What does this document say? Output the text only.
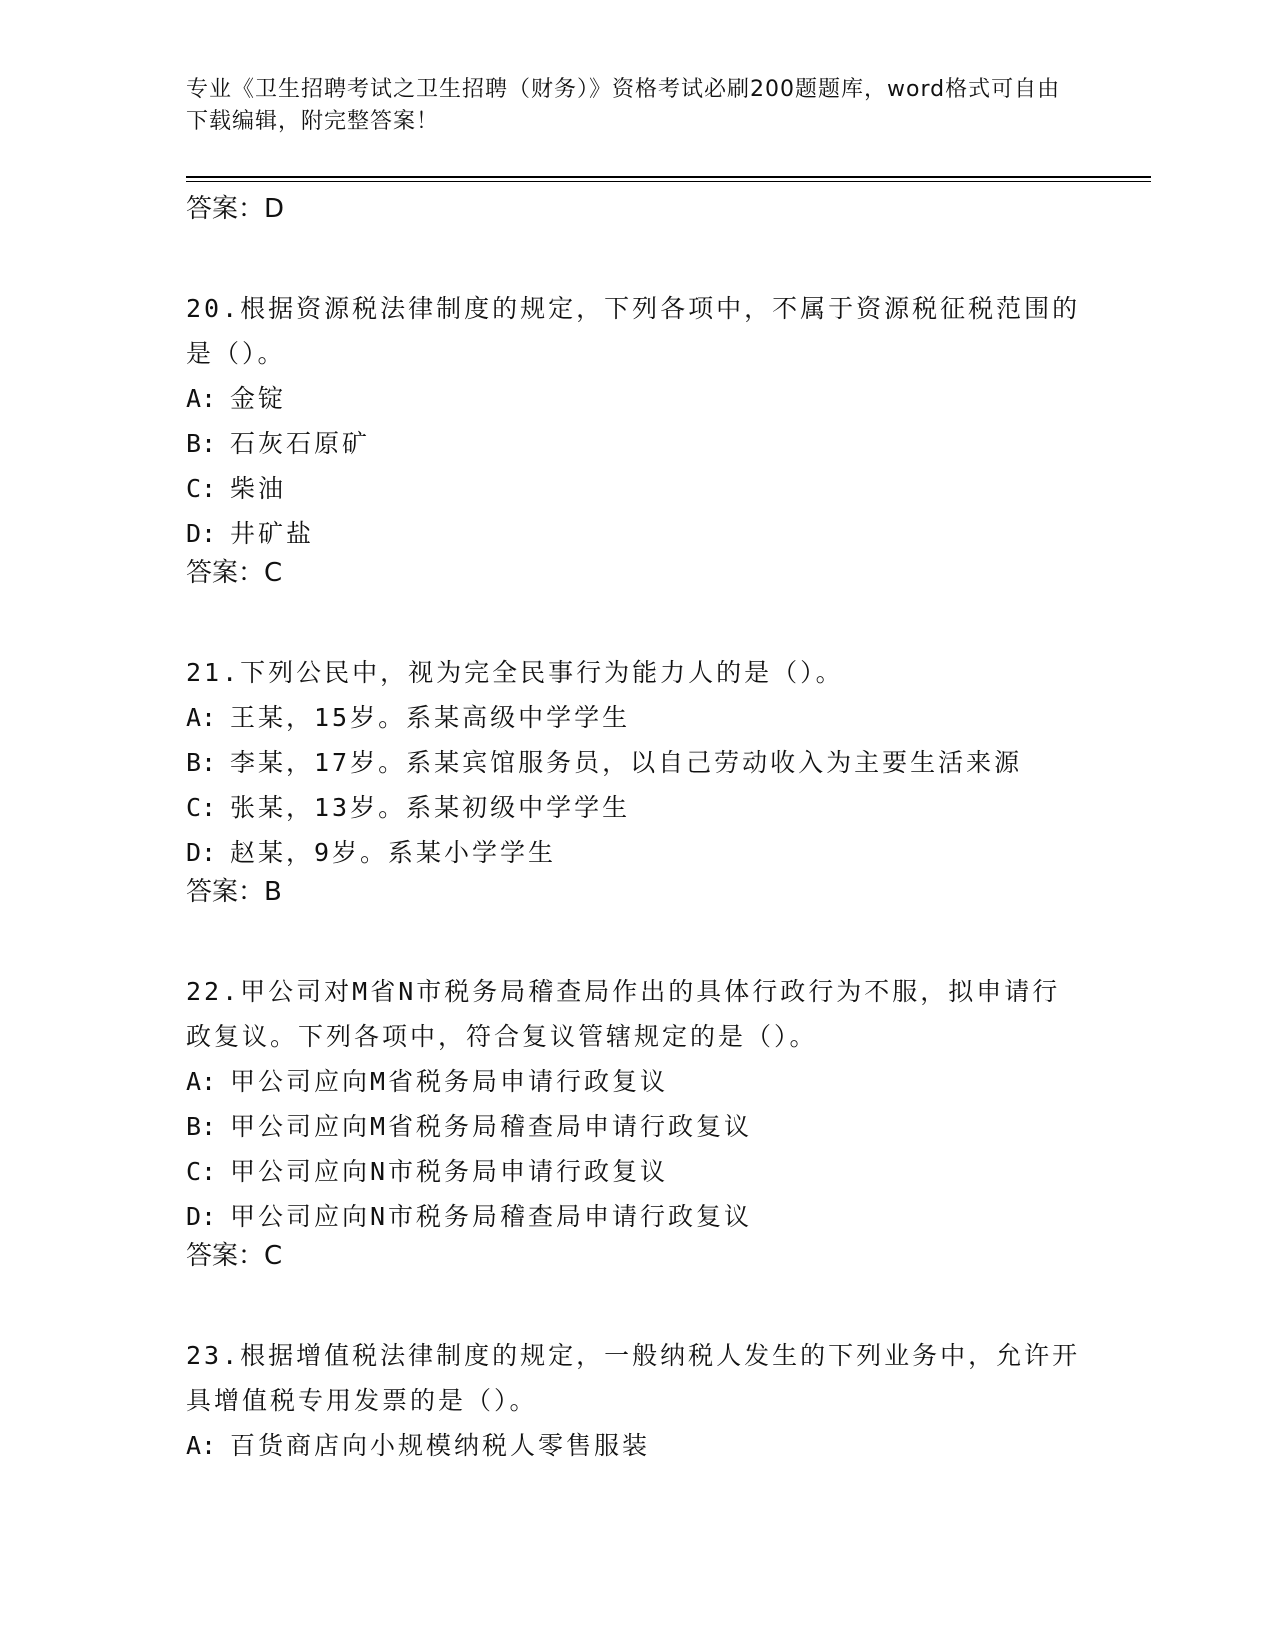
专业《卫生招聘考试之卫生招聘（财务）》资格考试必刷200题题库，word格式可自由下载编辑，附完整答案！
答案：D
20.根据资源税法律制度的规定，下列各项中，不属于资源税征税范围的是（）。
A: 金锭
B: 石灰石原矿
C: 柴油
D: 井矿盐
答案：C
21.下列公民中，视为完全民事行为能力人的是（）。
A: 王某，15岁。系某高级中学学生
B: 李某，17岁。系某宾馆服务员，以自己劳动收入为主要生活来源
C: 张某，13岁。系某初级中学学生
D: 赵某，9岁。系某小学学生
答案：B
22.甲公司对M省N市税务局稽查局作出的具体行政行为不服，拟申请行政复议。下列各项中，符合复议管辖规定的是（）。
A: 甲公司应向M省税务局申请行政复议
B: 甲公司应向M省税务局稽查局申请行政复议
C: 甲公司应向N市税务局申请行政复议
D: 甲公司应向N市税务局稽查局申请行政复议
答案：C
23.根据增值税法律制度的规定，一般纳税人发生的下列业务中，允许开具增值税专用发票的是（）。
A: 百货商店向小规模纳税人零售服装
